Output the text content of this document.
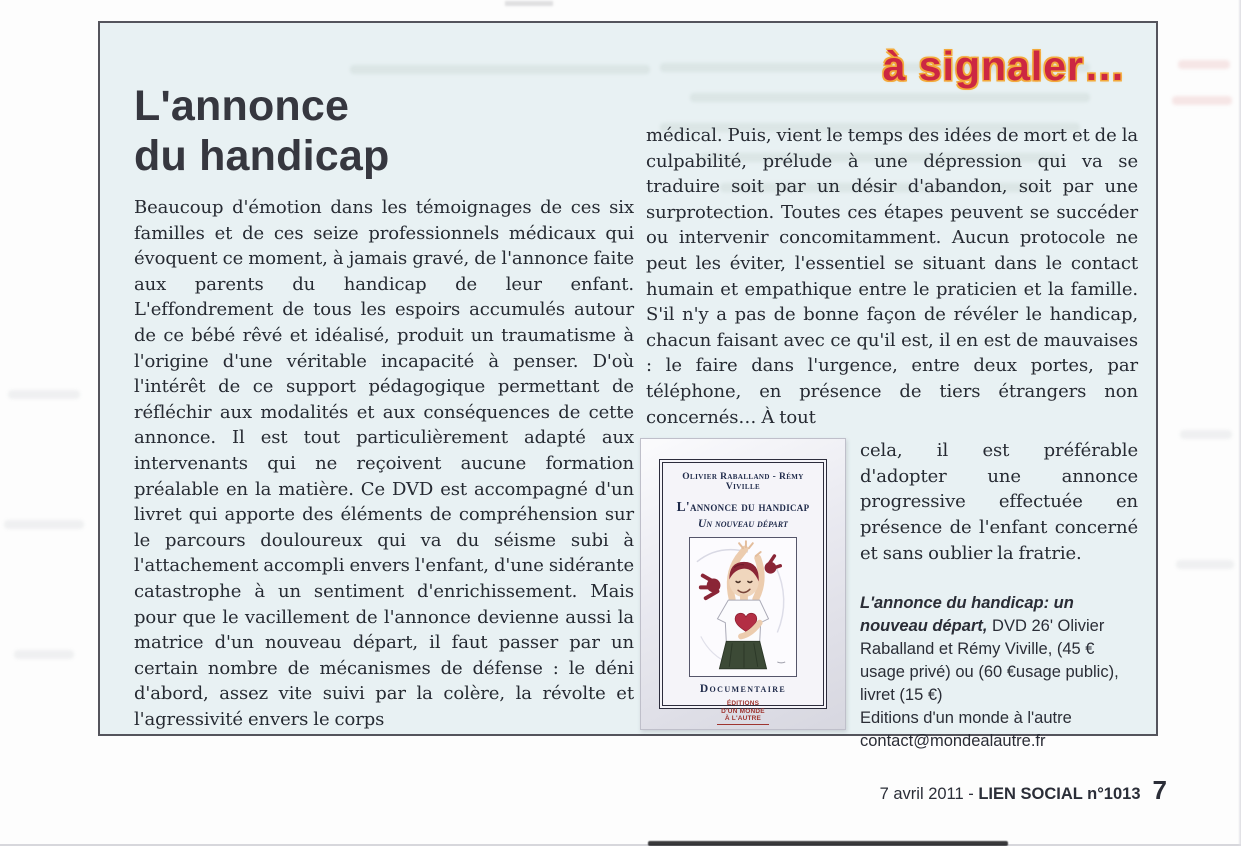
à signaler…
L'annonce
du handicap

Beaucoup d'émotion dans les témoignages de ces six familles et de ces seize professionnels médicaux qui évoquent ce moment, à jamais gravé, de l'annonce faite aux parents du handicap de leur enfant. L'effondrement de tous les espoirs accumulés autour de ce bébé rêvé et idéalisé, produit un traumatisme à l'origine d'une véritable incapacité à penser. D'où l'intérêt de ce support pédagogique permettant de réfléchir aux modalités et aux conséquences de cette annonce. Il est tout particulièrement adapté aux intervenants qui ne reçoivent aucune formation préalable en la matière. Ce DVD est accompagné d'un livret qui apporte des éléments de compréhension sur le parcours douloureux qui va du séisme subi à l'attachement accompli envers l'enfant, d'une sidérante catastrophe à un sentiment d'enrichissement. Mais pour que le vacillement de l'annonce devienne aussi la matrice d'un nouveau départ, il faut passer par un certain nombre de mécanismes de défense : le déni d'abord, assez vite suivi par la colère, la révolte et l'agressivité envers le corps

médical. Puis, vient le temps des idées de mort et de la culpabilité, prélude à une dépression qui va se traduire soit par un désir d'abandon, soit par une surprotection. Toutes ces étapes peuvent se succéder ou intervenir concomitamment. Aucun protocole ne peut les éviter, l'essentiel se situant dans le contact humain et empathique entre le praticien et la famille. S'il n'y a pas de bonne façon de révéler le handicap, chacun faisant avec ce qu'il est, il en est de mauvaises : le faire dans l'urgence, entre deux portes, par téléphone, en présence de tiers étrangers non concernés… À tout

Olivier Raballand - Rémy Viville
L'annonce du handicap
Un nouveau départ
Documentaire
ÉDITIONS
D'UN MONDE
À L'AUTRE

cela, il est préférable d'adopter une annonce progressive effectuée en présence de l'enfant concerné et sans oublier la fratrie.

L'annonce du handicap: un nouveau départ, DVD 26' Olivier Raballand et Rémy Viville, (45 € usage privé) ou (60 €usage public), livret (15 €)

Editions d'un monde à l'autre
contact@mondealautre.fr
7 avril 2011 - LIEN SOCIAL n°1013 7
